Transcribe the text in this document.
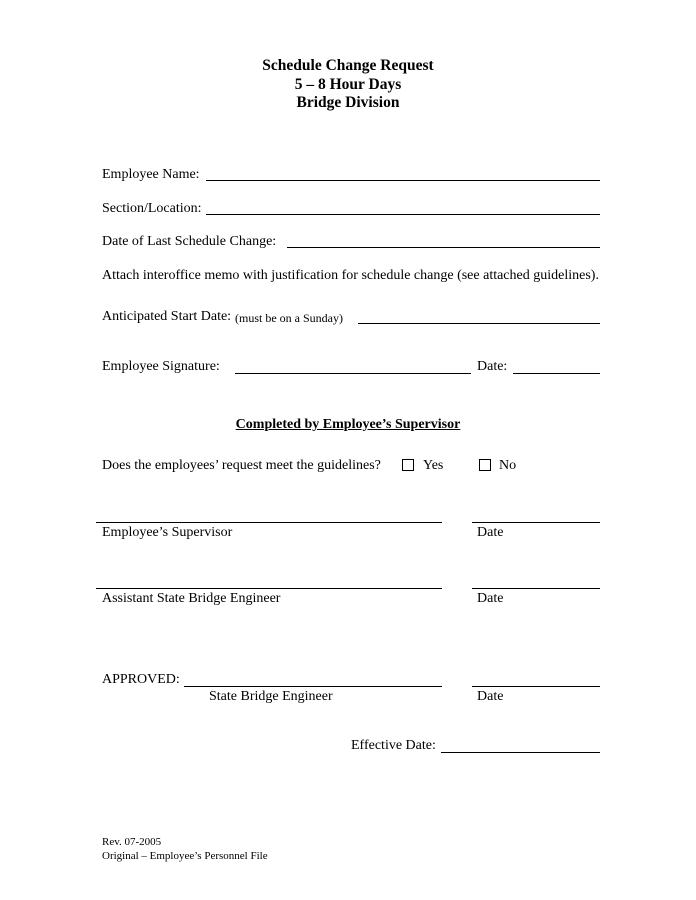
Schedule Change Request
5 – 8 Hour Days
Bridge Division
Employee Name:
Section/Location:
Date of Last Schedule Change:
Attach interoffice memo with justification for schedule change (see attached guidelines).
Anticipated Start Date: (must be on a Sunday)
Employee Signature:	Date:
Completed by Employee’s Supervisor
Does the employees’ request meet the guidelines?	Yes	No
Employee’s Supervisor	Date
Assistant State Bridge Engineer	Date
APPROVED:
State Bridge Engineer	Date
Effective Date:
Rev. 07-2005
Original – Employee’s Personnel File
